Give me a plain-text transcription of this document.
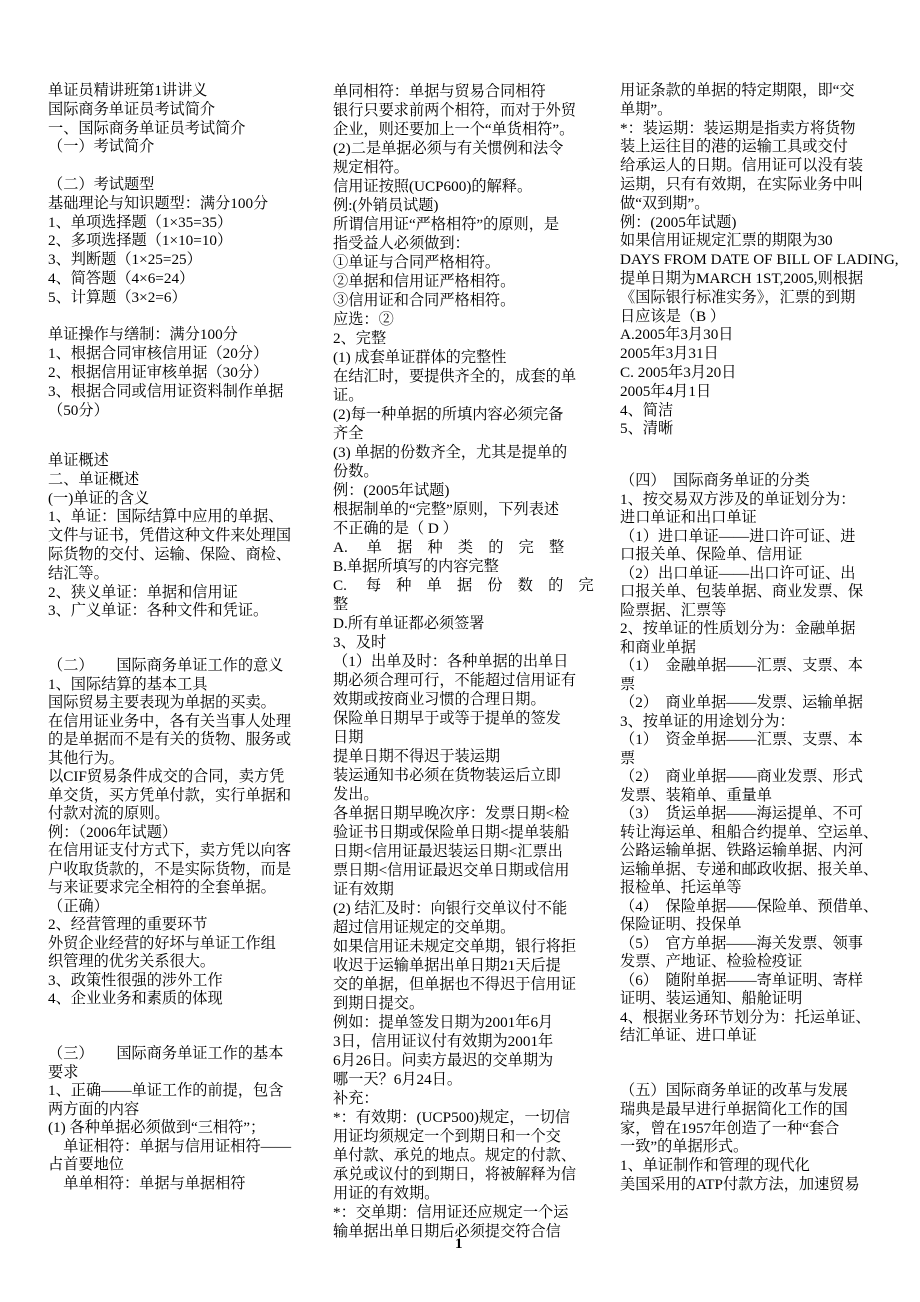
单证员精讲班第1讲讲义
国际商务单证员考试简介
一、国际商务单证员考试简介
（一）考试简介

（二）考试题型
基础理论与知识题型：满分100分
1、单项选择题（1×35=35）
2、多项选择题（1×10=10）
3、判断题（1×25=25）
4、简答题（4×6=24）
5、计算题（3×2=6）

单证操作与缮制：满分100分
1、根据合同审核信用证（20分）
2、根据信用证审核单据（30分）
3、根据合同或信用证资料制作单据
（50分）
单证概述
二、单证概述
(一)单证的含义
1、单证：国际结算中应用的单据、
文件与证书，凭借这种文件来处理国
际货物的交付、运输、保险、商检、
结汇等。
2、狭义单证：单据和信用证
3、广义单证：各种文件和凭证。
（二）　　国际商务单证工作的意义
1、国际结算的基本工具
国际贸易主要表现为单据的买卖。
在信用证业务中，各有关当事人处理
的是单据而不是有关的货物、服务或
其他行为。
以CIF贸易条件成交的合同，卖方凭
单交货，买方凭单付款，实行单据和
付款对流的原则。
例：（2006年试题）
在信用证支付方式下，卖方凭以向客
户收取货款的，不是实际货物，而是
与来证要求完全相符的全套单据。
（正确）
2、经营管理的重要环节
外贸企业经营的好坏与单证工作组
织管理的优劣关系很大。
3、政策性很强的涉外工作
4、企业业务和素质的体现
（三）　　国际商务单证工作的基本
要求
1、正确——单证工作的前提，包含
两方面的内容
(1) 各种单据必须做到“三相符”；
　单证相符：单据与信用证相符——
占首要地位
　单单相符：单据与单据相符
单同相符：单据与贸易合同相符
银行只要求前两个相符，而对于外贸
企业，则还要加上一个“单货相符”。
(2)二是单据必须与有关惯例和法令
规定相符。
信用证按照(UCP600)的解释。
例:(外销员试题)
所谓信用证“严格相符”的原则，是
指受益人必须做到：
①单证与合同严格相符。
②单据和信用证严格相符。
③信用证和合同严格相符。
应选：②
2、完整
(1) 成套单证群体的完整性
在结汇时，要提供齐全的，成套的单
证。
(2)每一种单据的所填内容必须完备
齐全
(3) 单据的份数齐全，尤其是提单的
份数。
例：(2005年试题)
根据制单的“完整”原则，下列表述
不正确的是（ D ）
A.　 单　据　种　类　的　完　整
B.单据所填写的内容完整
C.　 每　种　单　据　份　数　的　完　整
D.所有单证都必须签署
3、及时
（1）出单及时：各种单据的出单日
期必须合理可行，不能超过信用证有
效期或按商业习惯的合理日期。
保险单日期早于或等于提单的签发
日期
提单日期不得迟于装运期
装运通知书必须在货物装运后立即
发出。
各单据日期早晚次序：发票日期<检
验证书日期或保险单日期<提单装船
日期<信用证最迟装运日期<汇票出
票日期<信用证最迟交单日期或信用
证有效期
(2) 结汇及时：向银行交单议付不能
超过信用证规定的交单期。
如果信用证未规定交单期，银行将拒
收迟于运输单据出单日期21天后提
交的单据，但单据也不得迟于信用证
到期日提交。
例如：提单签发日期为2001年6月
3日，信用证议付有效期为2001年
6月26日。问卖方最迟的交单期为
哪一天？6月24日。
补充：
*：有效期：(UCP500)规定，一切信
用证均须规定一个到期日和一个交
单付款、承兑的地点。规定的付款、
承兑或议付的到期日，将被解释为信
用证的有效期。
*：交单期：信用证还应规定一个运
输单据出单日期后必须提交符合信
用证条款的单据的特定期限，即“交
单期”。
*：装运期：装运期是指卖方将货物
装上运往目的港的运输工具或交付
给承运人的日期。信用证可以没有装
运期，只有有效期，在实际业务中叫
做“双到期”。
例：(2005年试题)
如果信用证规定汇票的期限为30
DAYS FROM DATE OF BILL OF LADING,
提单日期为MARCH 1ST,2005,则根据
《国际银行标准实务》，汇票的到期
日应该是（B ）
A.2005年3月30日
2005年3月31日
C. 2005年3月20日
2005年4月1日
4、简洁
5、清晰
（四）　国际商务单证的分类
1、按交易双方涉及的单证划分为：
进口单证和出口单证
（1）进口单证——进口许可证、进
口报关单、保险单、信用证
（2）出口单证——出口许可证、出
口报关单、包装单据、商业发票、保
险票据、汇票等
2、按单证的性质划分为：金融单据
和商业单据
（1）　金融单据——汇票、支票、本
票
（2）　商业单据——发票、运输单据
3、按单证的用途划分为：
（1）　资金单据——汇票、支票、本
票
（2）　商业单据——商业发票、形式
发票、装箱单、重量单
（3）　货运单据——海运提单、不可
转让海运单、租船合约提单、空运单、
公路运输单据、铁路运输单据、内河
运输单据、专递和邮政收据、报关单、
报检单、托运单等
（4）　保险单据——保险单、预借单、
保险证明、投保单
（5）　官方单据——海关发票、领事
发票、产地证、检验检疫证
（6）　随附单据——寄单证明、寄样
证明、装运通知、船舱证明
4、根据业务环节划分为：托运单证、
结汇单证、进口单证
（五）国际商务单证的改革与发展
瑞典是最早进行单据简化工作的国
家，曾在1957年创造了一种“套合
一致”的单据形式。
1、单证制作和管理的现代化
美国采用的ATP付款方法，加速贸易
1
